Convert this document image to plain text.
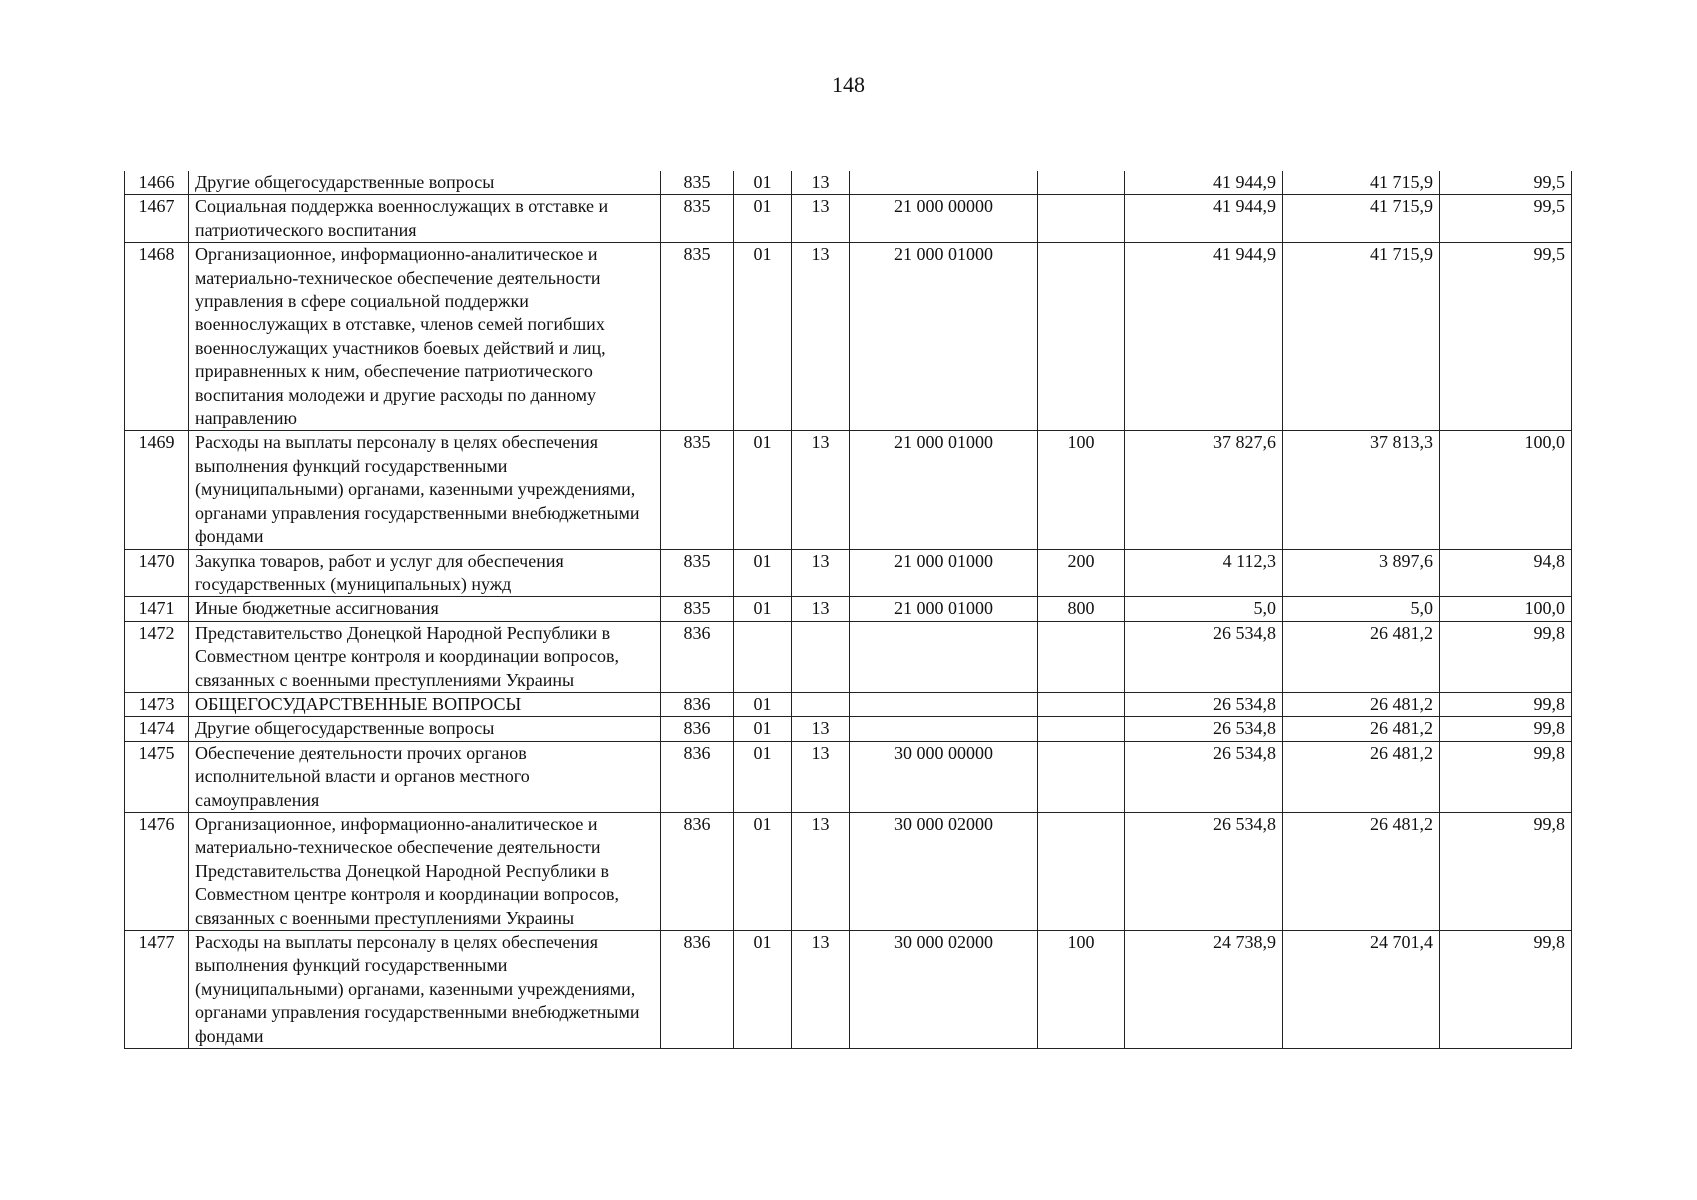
148
1466	Другие общегосударственные вопросы	835	01	13			41 944,9	41 715,9	99,5
1467	Социальная поддержка военнослужащих в отставке и патриотического воспитания	835	01	13	21 000 00000		41 944,9	41 715,9	99,5
1468	Организационное, информационно-аналитическое и материально-техническое обеспечение деятельности управления в сфере социальной поддержки военнослужащих в отставке, членов семей погибших военнослужащих участников боевых действий и лиц, приравненных к ним, обеспечение патриотического воспитания молодежи и другие расходы по данному направлению	835	01	13	21 000 01000		41 944,9	41 715,9	99,5
1469	Расходы на выплаты персоналу в целях обеспечения выполнения функций государственными (муниципальными) органами, казенными учреждениями, органами управления государственными внебюджетными фондами	835	01	13	21 000 01000	100	37 827,6	37 813,3	100,0
1470	Закупка товаров, работ и услуг для обеспечения государственных (муниципальных) нужд	835	01	13	21 000 01000	200	4 112,3	3 897,6	94,8
1471	Иные бюджетные ассигнования	835	01	13	21 000 01000	800	5,0	5,0	100,0
1472	Представительство Донецкой Народной Республики в Совместном центре контроля и координации вопросов, связанных с военными преступлениями Украины	836					26 534,8	26 481,2	99,8
1473	ОБЩЕГОСУДАРСТВЕННЫЕ ВОПРОСЫ	836	01				26 534,8	26 481,2	99,8
1474	Другие общегосударственные вопросы	836	01	13			26 534,8	26 481,2	99,8
1475	Обеспечение деятельности прочих органов исполнительной власти и органов местного самоуправления	836	01	13	30 000 00000		26 534,8	26 481,2	99,8
1476	Организационное, информационно-аналитическое и материально-техническое обеспечение деятельности Представительства Донецкой Народной Республики в Совместном центре контроля и координации вопросов, связанных с военными преступлениями Украины	836	01	13	30 000 02000		26 534,8	26 481,2	99,8
1477	Расходы на выплаты персоналу в целях обеспечения выполнения функций государственными (муниципальными) органами, казенными учреждениями, органами управления государственными внебюджетными фондами	836	01	13	30 000 02000	100	24 738,9	24 701,4	99,8
